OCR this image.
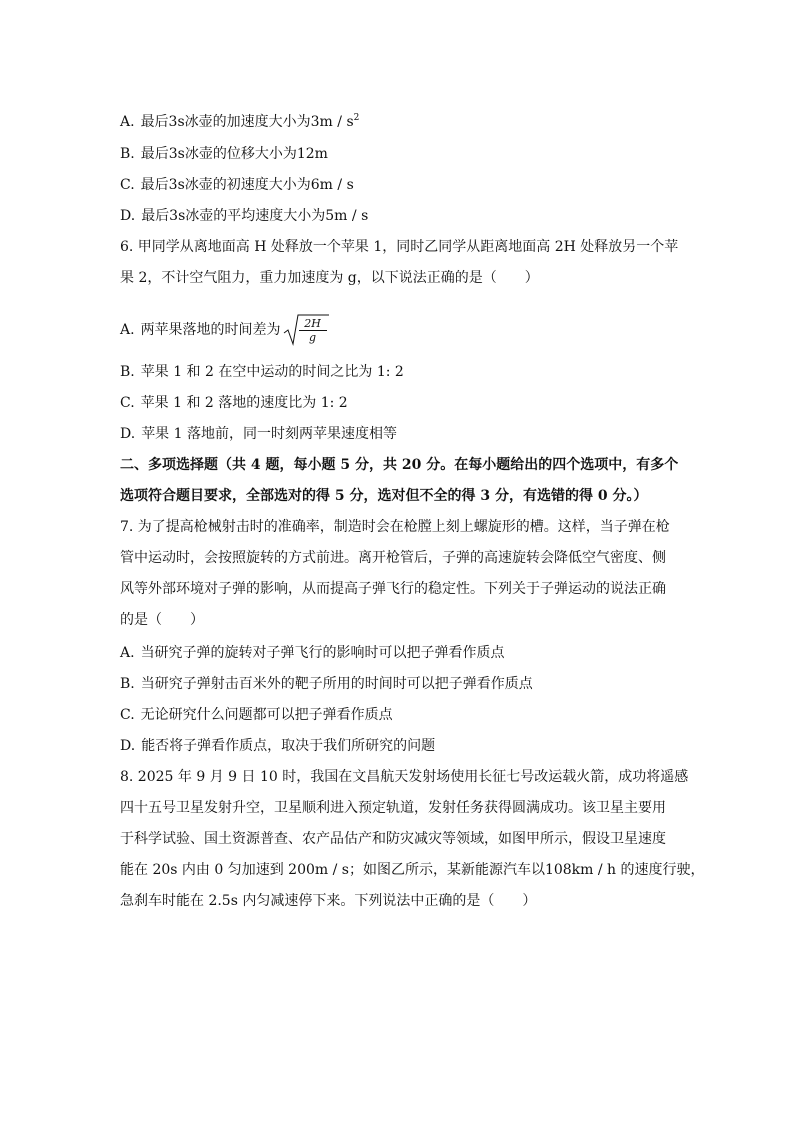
A. 最后3s冰壶的加速度大小为$3m / s^2$
B. 最后3s冰壶的位移大小为12m
C. 最后3s冰壶的初速度大小为6m / s
D. 最后3s冰壶的平均速度大小为5m / s
6. 甲同学从离地面高 H 处释放一个苹果 1，同时乙同学从距离地面高 2H 处释放另一个苹
果 2，不计空气阻力，重力加速度为 g，以下说法正确的是（　　）
A. 两苹果落地的时间差为 $\frac{2H}{g}$
B. 苹果 1 和 2 在空中运动的时间之比为 1: 2
C. 苹果 1 和 2 落地的速度比为 1: 2
D. 苹果 1 落地前，同一时刻两苹果速度相等
二、多项选择题（共 4 题，每小题 5 分，共 20 分。在每小题给出的四个选项中，有多个
选项符合题目要求，全部选对的得 5 分，选对但不全的得 3 分，有选错的得 0 分。）
7. 为了提高枪械射击时的准确率，制造时会在枪膛上刻上螺旋形的槽。这样，当子弹在枪
管中运动时，会按照旋转的方式前进。离开枪管后，子弹的高速旋转会降低空气密度、侧
风等外部环境对子弹的影响，从而提高子弹飞行的稳定性。下列关于子弹运动的说法正确
的是（　　）
A. 当研究子弹的旋转对子弹飞行的影响时可以把子弹看作质点
B. 当研究子弹射击百米外的靶子所用的时间时可以把子弹看作质点
C. 无论研究什么问题都可以把子弹看作质点
D. 能否将子弹看作质点，取决于我们所研究的问题
8. 2025 年 9 月 9 日 10 时，我国在文昌航天发射场使用长征七号改运载火箭，成功将遥感
四十五号卫星发射升空，卫星顺利进入预定轨道，发射任务获得圆满成功。该卫星主要用
于科学试验、国土资源普查、农产品估产和防灾减灾等领域，如图甲所示，假设卫星速度
能在 20s 内由 0 匀加速到 200m / s；如图乙所示，某新能源汽车以108km / h 的速度行驶，
急刹车时能在 2.5s 内匀减速停下来。下列说法中正确的是（　　）
